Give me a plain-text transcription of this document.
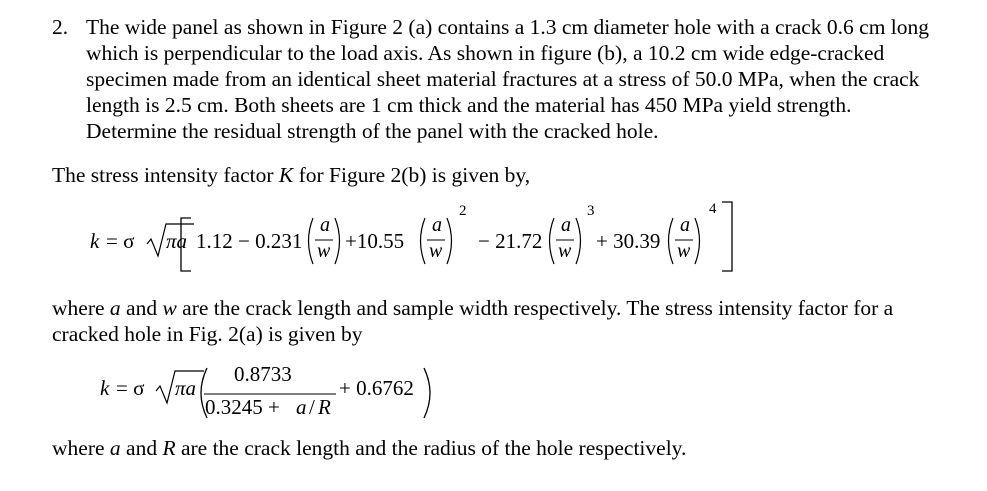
2. The wide panel as shown in Figure 2 (a) contains a 1.3 cm diameter hole with a crack 0.6 cm long which is perpendicular to the load axis. As shown in figure (b), a 10.2 cm wide edge-cracked specimen made from an identical sheet material fractures at a stress of 50.0 MPa, when the crack length is 2.5 cm. Both sheets are 1 cm thick and the material has 450 MPa yield strength. Determine the residual strength of the panel with the cracked hole.
The stress intensity factor K for Figure 2(b) is given by,
k = σ πa 1.12 − 0.231
a
w +10.55
a
w
2
− 21.72
a
w
3
+ 30.39
a
w
4
where a and w are the crack length and sample width respectively. The stress intensity factor for a cracked hole in Fig. 2(a) is given by
k = σ πa
0.8733
0.3245 + a / R
+ 0.6762
where a and R are the crack length and the radius of the hole respectively.
